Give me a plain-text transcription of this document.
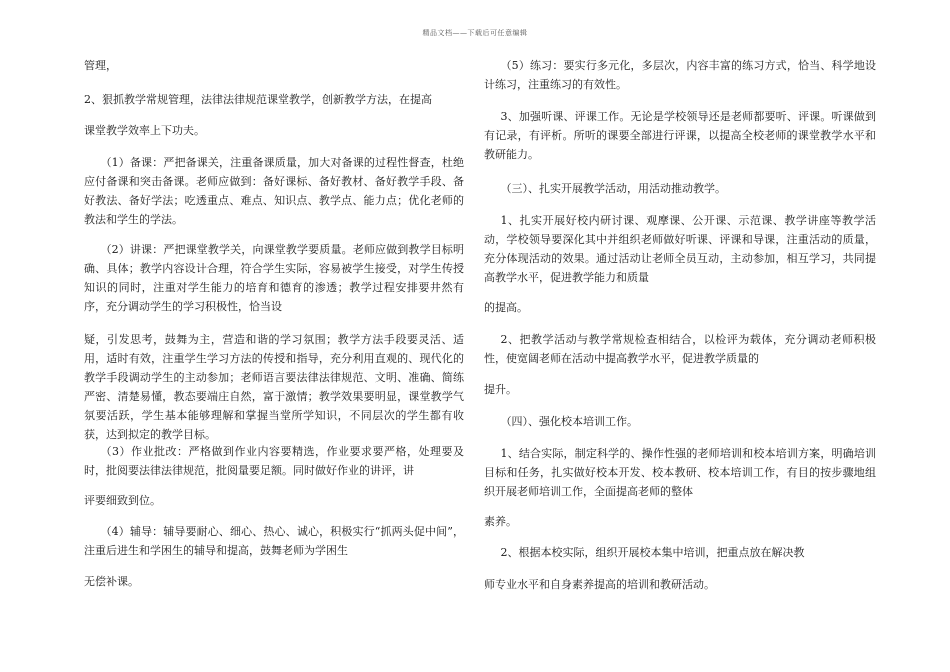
精品文档——下载后可任意编辑

管理，

2、狠抓教学常规管理，法律法律规范课堂教学，创新教学方法，在提高

课堂教学效率上下功夫。

（1）备课：严把备课关，注重备课质量，加大对备课的过程性督查，杜绝应付备课和突击备课。老师应做到：备好课标、备好教材、备好教学手段、备好教法、备好学法；吃透重点、难点、知识点、教学点、能力点；优化老师的教法和学生的学法。

（2）讲课：严把课堂教学关，向课堂教学要质量。老师应做到教学目标明确、具体；教学内容设计合理，符合学生实际，容易被学生接受，对学生传授知识的同时，注重对学生能力的培育和德育的渗透；教学过程安排要井然有序，充分调动学生的学习积极性，恰当设

疑，引发思考，鼓舞为主，营造和谐的学习氛围；教学方法手段要灵活、适用，适时有效，注重学生学习方法的传授和指导，充分利用直观的、现代化的教学手段调动学生的主动参加；老师语言要法律法律规范、文明、准确、简练严密、清楚易懂，教态要端庄自然，富于激情；教学效果要明显，课堂教学气氛要活跃，学生基本能够理解和掌握当堂所学知识，不同层次的学生都有收获，达到拟定的教学目标。

（3）作业批改：严格做到作业内容要精选，作业要求要严格，处理要及时，批阅要法律法律规范，批阅量要足额。同时做好作业的讲评，讲

评要细致到位。

（4）辅导：辅导要耐心、细心、热心、诚心，积极实行“抓两头促中间”，注重后进生和学困生的辅导和提高，鼓舞老师为学困生

无偿补课。

（5）练习：要实行多元化，多层次，内容丰富的练习方式，恰当、科学地设计练习，注重练习的有效性。

3、加强听课、评课工作。无论是学校领导还是老师都要听、评课。听课做到有记录，有评析。所听的课要全部进行评课，以提高全校老师的课堂教学水平和教研能力。

（三）、扎实开展教学活动，用活动推动教学。

1、扎实开展好校内研讨课、观摩课、公开课、示范课、教学讲座等教学活动，学校领导要深化其中并组织老师做好听课、评课和导课，注重活动的质量，充分体现活动的效果。通过活动让老师全员互动，主动参加，相互学习，共同提高教学水平，促进教学能力和质量

的提高。

2、把教学活动与教学常规检查相结合，以检评为载体，充分调动老师积极性，使宽阔老师在活动中提高教学水平，促进教学质量的

提升。

（四）、强化校本培训工作。

1、结合实际，制定科学的、操作性强的老师培训和校本培训方案，明确培训目标和任务，扎实做好校本开发、校本教研、校本培训工作，有目的按步骤地组织开展老师培训工作，全面提高老师的整体

素养。

2、根据本校实际，组织开展校本集中培训，把重点放在解决教

师专业水平和自身素养提高的培训和教研活动。
